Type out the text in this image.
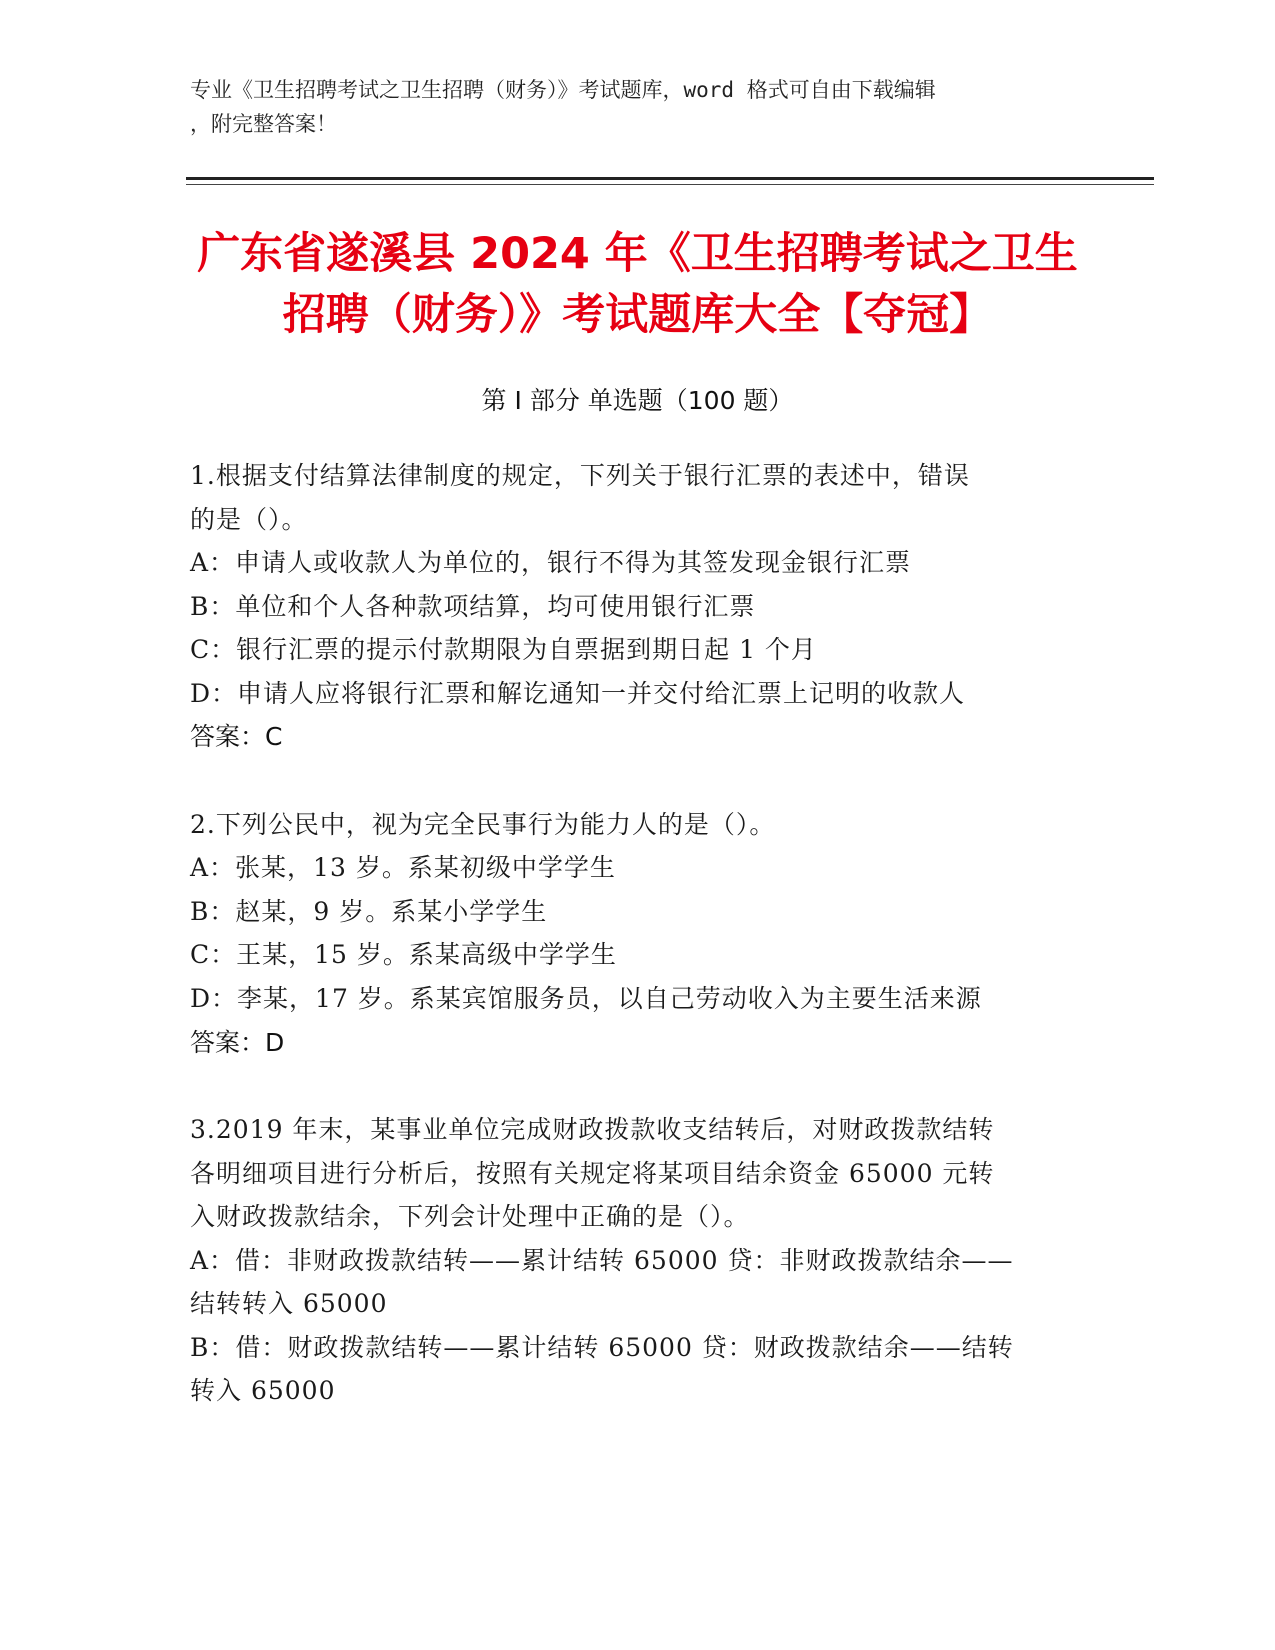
专业《卫生招聘考试之卫生招聘（财务）》考试题库，word 格式可自由下载编辑
，附完整答案！
广东省遂溪县 2024 年《卫生招聘考试之卫生
招聘（财务）》考试题库大全【夺冠】
第 I 部分 单选题（100 题）
1.根据支付结算法律制度的规定，下列关于银行汇票的表述中，错误
的是（）。
A：申请人或收款人为单位的，银行不得为其签发现金银行汇票
B：单位和个人各种款项结算，均可使用银行汇票
C：银行汇票的提示付款期限为自票据到期日起 1 个月
D：申请人应将银行汇票和解讫通知一并交付给汇票上记明的收款人
答案：C
2.下列公民中，视为完全民事行为能力人的是（）。
A：张某，13 岁。系某初级中学学生
B：赵某，9 岁。系某小学学生
C：王某，15 岁。系某高级中学学生
D：李某，17 岁。系某宾馆服务员，以自己劳动收入为主要生活来源
答案：D
3.2019 年末，某事业单位完成财政拨款收支结转后，对财政拨款结转
各明细项目进行分析后，按照有关规定将某项目结余资金 65000 元转
入财政拨款结余，下列会计处理中正确的是（）。
A：借：非财政拨款结转——累计结转 65000 贷：非财政拨款结余——
结转转入 65000
B：借：财政拨款结转——累计结转 65000 贷：财政拨款结余——结转
转入 65000
